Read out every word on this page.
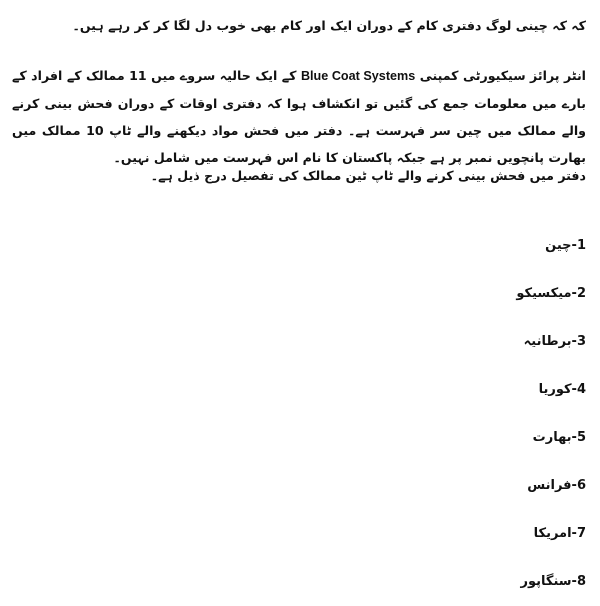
کہ کہ چینی لوگ دفتری کام کے دوران ایک اور کام بھی خوب دل لگا کر کر رہے ہیں۔

انٹر پرائز سیکیورٹی کمپنی Blue Coat Systems کے ایک حالیہ سروے میں 11 ممالک کے افراد کے بارے میں معلومات جمع کی گئیں تو انکشاف ہوا کہ دفتری اوقات کے دوران فحش بینی کرنے والے ممالک میں چین سر فہرست ہے۔ دفتر میں فحش مواد دیکھنے والے ٹاپ 10 ممالک میں بھارت پانچویں نمبر پر ہے جبکہ پاکستان کا نام اس فہرست میں شامل نہیں۔

دفتر میں فحش بینی کرنے والے ٹاپ ٹین ممالک کی تفصیل درج ذیل ہے۔

1-چین
2-میکسیکو
3-برطانیہ
4-کوریا
5-بھارت
6-فرانس
7-امریکا
8-سنگاپور
